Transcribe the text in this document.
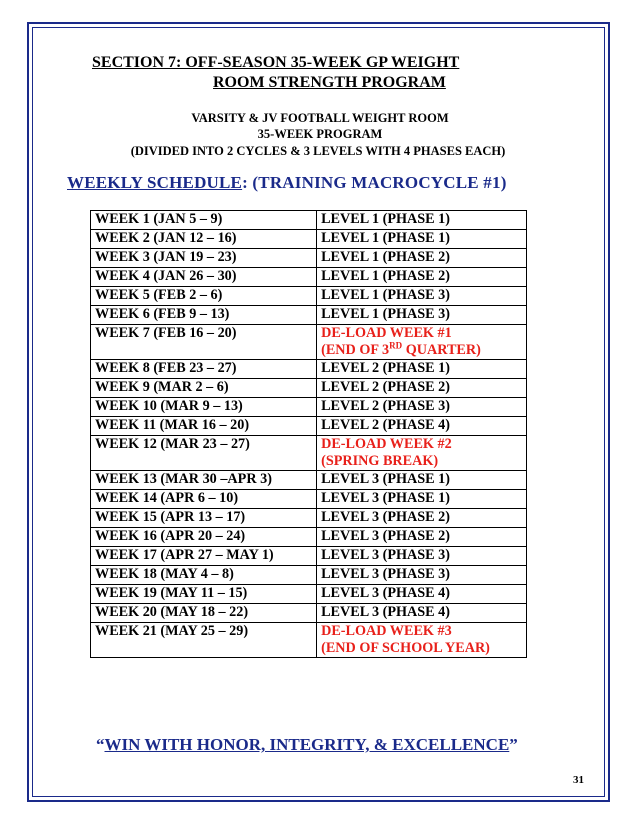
SECTION 7: OFF-SEASON 35-WEEK GP WEIGHT
ROOM STRENGTH PROGRAM
VARSITY & JV FOOTBALL WEIGHT ROOM
35-WEEK PROGRAM
(DIVIDED INTO 2 CYCLES & 3 LEVELS WITH 4 PHASES EACH)
WEEKLY SCHEDULE: (TRAINING MACROCYCLE #1)
WEEK 1 (JAN 5 – 9)	LEVEL 1 (PHASE 1)
WEEK 2 (JAN 12 – 16)	LEVEL 1 (PHASE 1)
WEEK 3 (JAN 19 – 23)	LEVEL 1 (PHASE 2)
WEEK 4 (JAN 26 – 30)	LEVEL 1 (PHASE 2)
WEEK 5 (FEB 2 – 6)	LEVEL 1 (PHASE 3)
WEEK 6 (FEB 9 – 13)	LEVEL 1 (PHASE 3)
WEEK 7 (FEB 16 – 20)	DE-LOAD WEEK #1
(END OF 3RD QUARTER)

WEEK 8 (FEB 23 – 27)	LEVEL 2 (PHASE 1)
WEEK 9 (MAR 2 – 6)	LEVEL 2 (PHASE 2)
WEEK 10 (MAR 9 – 13)	LEVEL 2 (PHASE 3)
WEEK 11 (MAR 16 – 20)	LEVEL 2 (PHASE 4)
WEEK 12 (MAR 23 – 27)	DE-LOAD WEEK #2
(SPRING BREAK)

WEEK 13 (MAR 30 –APR 3)	LEVEL 3 (PHASE 1)
WEEK 14 (APR 6 – 10)	LEVEL 3 (PHASE 1)
WEEK 15 (APR 13 – 17)	LEVEL 3 (PHASE 2)
WEEK 16 (APR 20 – 24)	LEVEL 3 (PHASE 2)
WEEK 17 (APR 27 – MAY 1)	LEVEL 3 (PHASE 3)
WEEK 18 (MAY 4 – 8)	LEVEL 3 (PHASE 3)
WEEK 19 (MAY 11 – 15)	LEVEL 3 (PHASE 4)
WEEK 20 (MAY 18 – 22)	LEVEL 3 (PHASE 4)
WEEK 21 (MAY 25 – 29)	DE-LOAD WEEK #3
(END OF SCHOOL YEAR)
“WIN WITH HONOR, INTEGRITY, & EXCELLENCE”
31
